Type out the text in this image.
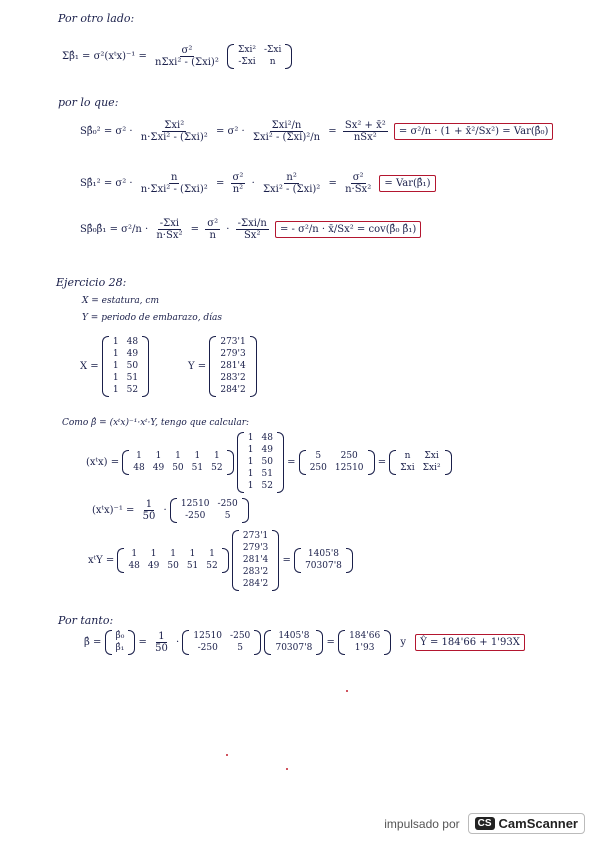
Por otro lado:
Σβ̂₁ = σ²(xᵗx)⁻¹ = $\frac{\text{σ²}}{\text{nΣxi² - (Σxi)²}}$
Σxi² -Σxi
-Σxi	n
por lo que:
Sβ̂₀² = $\sigma^2 \cdot \frac{\text{Σxi²}}{\text{n·Σxi² - (Σxi)²}} = \sigma^2 \cdot \frac{\text{Σxi²/n}}{\text{Σxi² - (Σxi)²/n}} = \frac{\text{Sx² + x̄²}}{\text{nSx²}} = \sigma^2/n \cdot (1$ + x̄²/Sx²) = Var(β̂₀)
Sβ̂₁² = $\sigma^2 \cdot \frac{n}{\text{n·Σxi² - (Σxi)²}} = \frac{\text{σ²}}{\text{n²}} \cdot \frac{\text{n²}}{\text{Σxi² - (Σxi)²}} = \frac{\text{σ²}}{\text{n·Sx²}}$ = Var(β̂₁)
Sβ̂₀β̂₁ = $\sigma^2/n \cdot \frac{\text{-Σxi}}{\text{n·Sx²}} = \frac{\text{σ²}}{n} \cdot \frac{\text{-Σxi/n}}{\text{Sx²}}$ = - σ²/n · x̄/Sx² = cov(β̂₀ β̂₁)
Ejercicio 28:
X = estatura, cm
Y = periodo de embarazo, días
X =
1 48
1 49
1 50
1 51
1 52
Y =
273'1
279'3
281'4
283'2
284'2
Como β̂ = (xᵗx)⁻¹·xᵗ·Y, tengo que calcular:
(xᵗx) =
1	1	1	1	1
48 49 50 51 52

1 48
1 49
1 50
1 51
1 52
=
5	250
250 12510 =
n	Σxi
Σxi Σxi²
(xᵗx)⁻¹ = $\frac{1}{50}$ ·
12510 -250
-250	5
xᵗY =
1	1	1	1	1
48 49 50 51 52

273'1
279'3
281'4
283'2
284'2
=
1405'8
70307'8
Por tanto:
β̂ =
β̂₀
β̂₁ = $\frac{1}{50}$ ·
12510 -250
-250	5

1405'8
70307'8 =
184'66
1'93	y Ŷ = 184'66 + 1'93X
impulsado por	CS CamScanner
